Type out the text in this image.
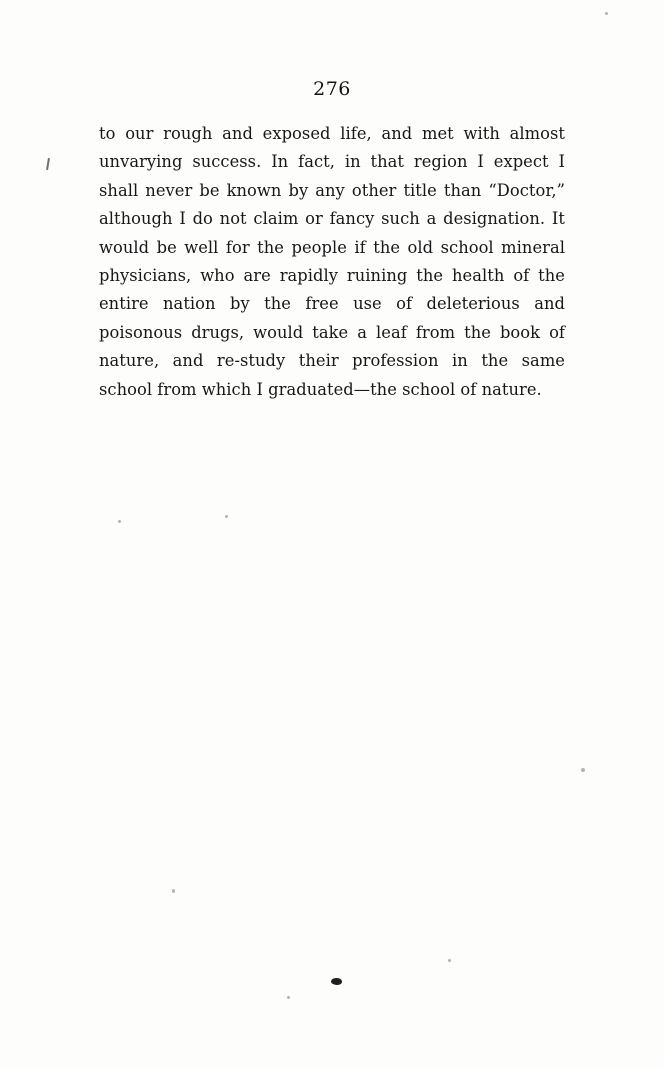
276

to our rough and exposed life, and met with almost unvarying success. In fact, in that region I expect I shall never be known by any other title than “Doctor,” although I do not claim or fancy such a designation. It would be well for the people if the old school mineral physicians, who are rapidly ruining the health of the entire nation by the free use of deleterious and poisonous drugs, would take a leaf from the book of nature, and re-study their profession in the same school from which I graduated—the school of nature.
